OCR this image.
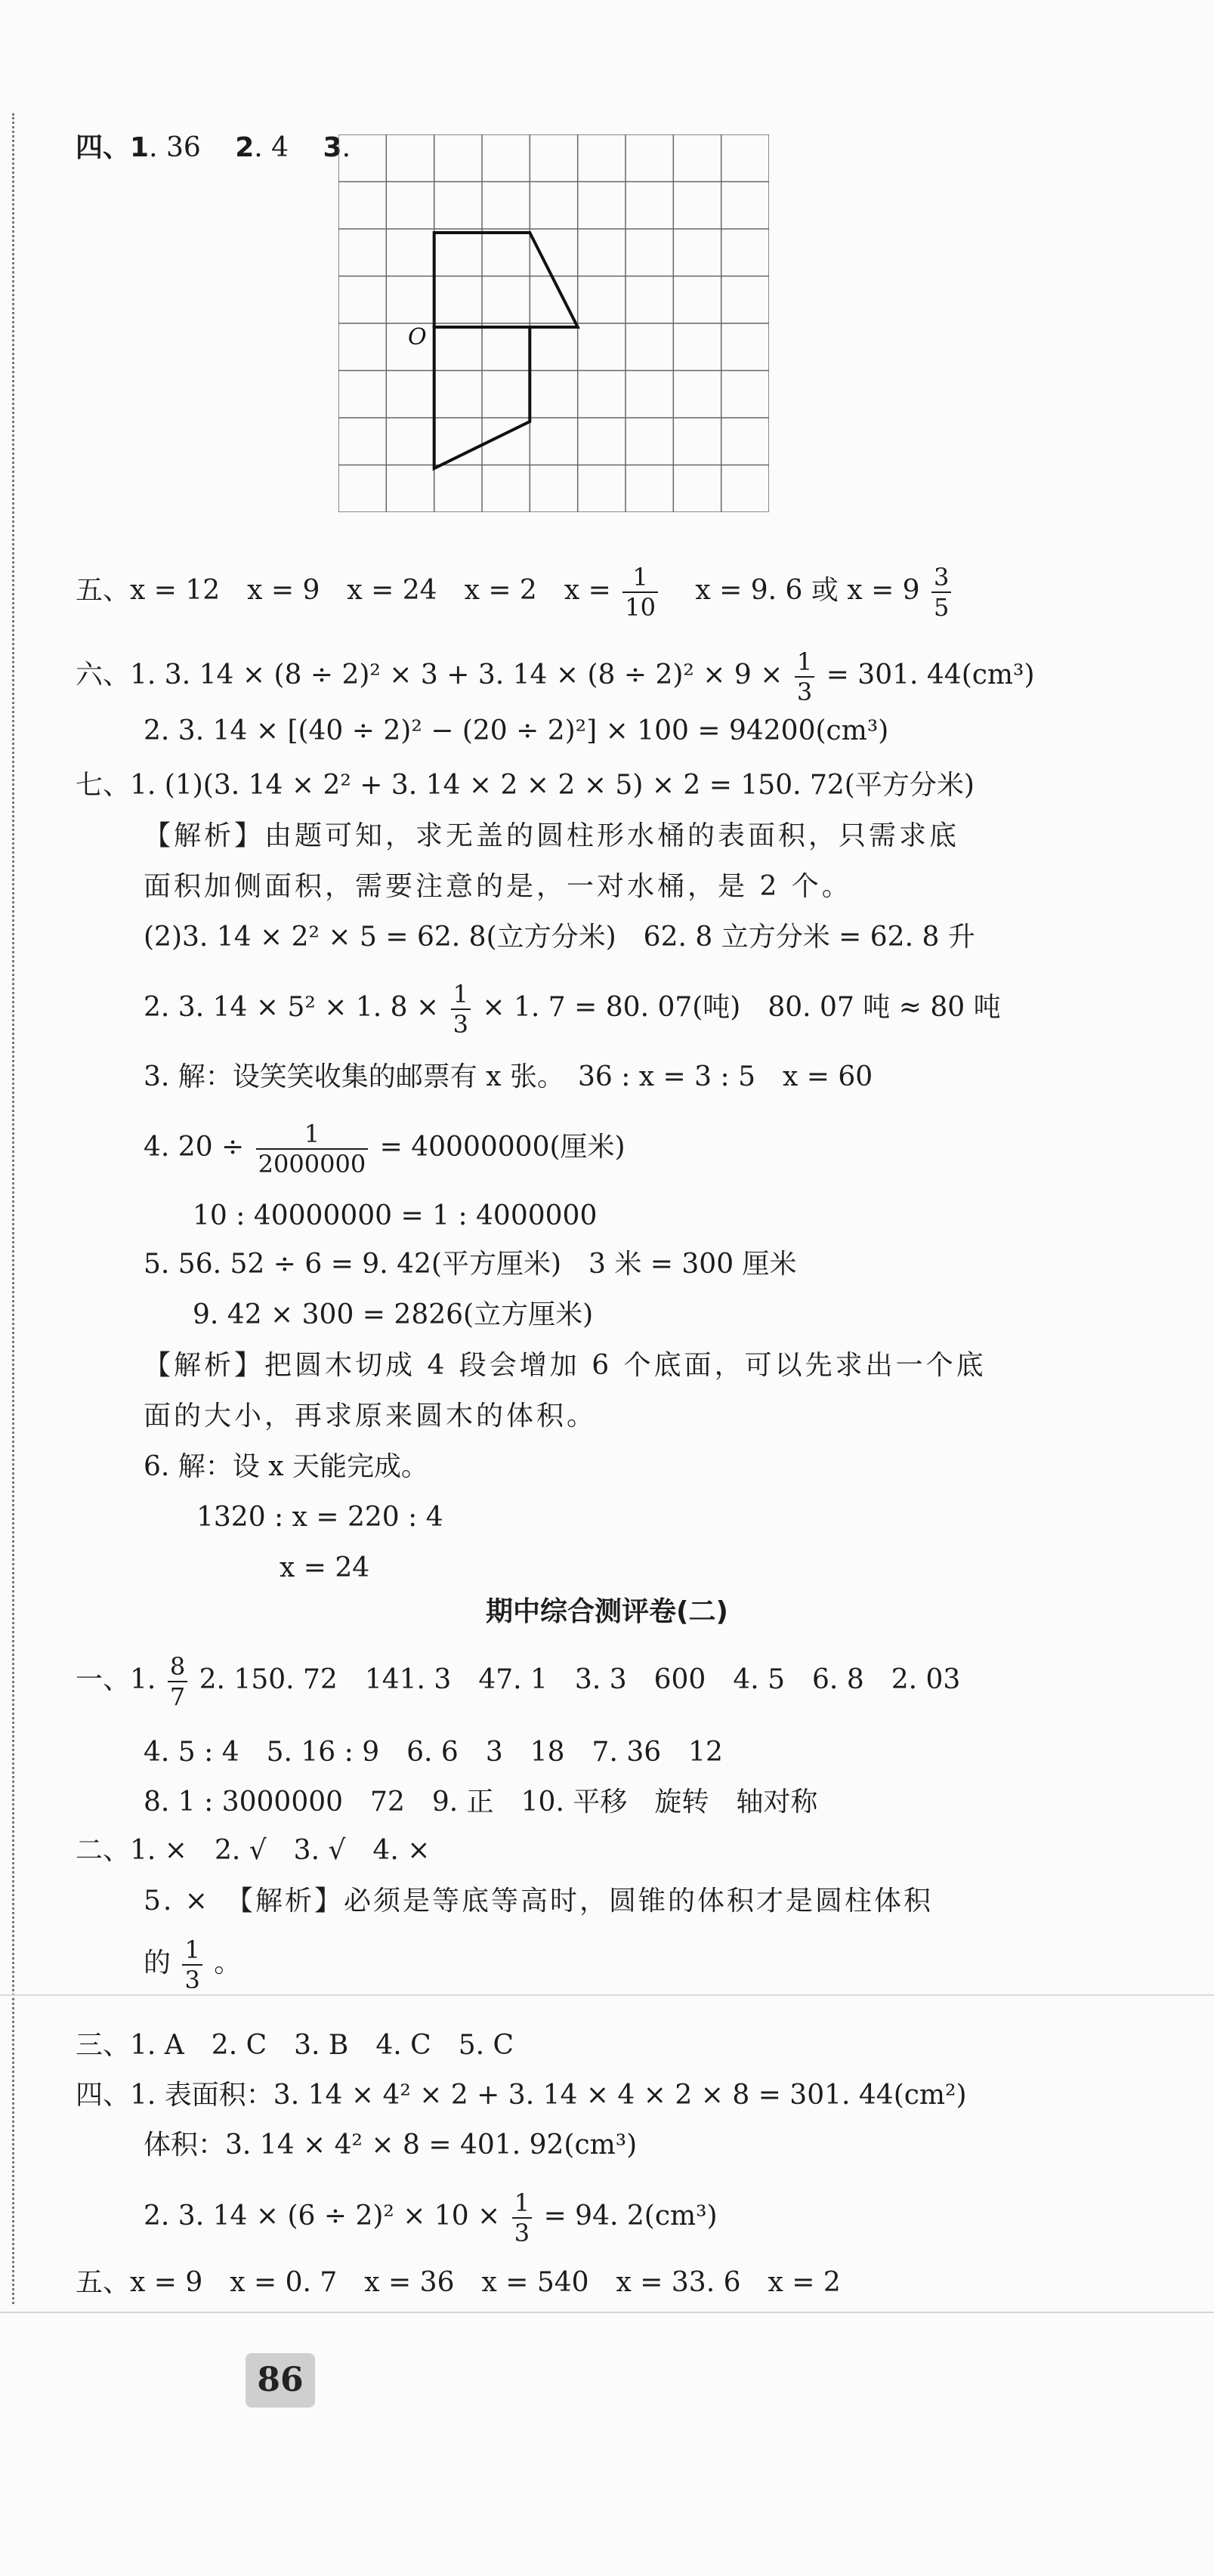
四、1. 36 2. 4 3.
O
五、x = 12　x = 9　x = 24　x = 2　$x = \frac{1}{10}$ x = 9. 6 或 $x = 9 \frac{3}{5}$
六、1. 3. 14 × (8 ÷ 2)² × 3 + 3. $14 \times (8 \div 2)^2 \times 9 \times \frac{1}{3} = 301$. 44(cm³)
2. 3. 14 × [(40 ÷ 2)² − (20 ÷ 2)²] × 100 = 94200(cm³)
七、1. (1)(3. 14 × 2² + 3. 14 × 2 × 2 × 5) × 2 = 150. 72(平方分米)
【解析】由题可知，求无盖的圆柱形水桶的表面积，只需求底
面积加侧面积，需要注意的是，一对水桶，是 2 个。
(2)3. 14 × 2² × 5 = 62. 8(立方分米)　62. 8 立方分米 = 62. 8 升
2. 3. 14 × 5² × 1. $8 \times \frac{1}{3} \times 1$. 7 = 80. 07(吨)　80. 07 吨 ≈ 80 吨
3. 解：设笑笑收集的邮票有 x 张。　36 : x = 3 : 5　x = 60
4. $20 \div \frac{1}{2000000} = 40000000$(厘米)
10 : 40000000 = 1 : 4000000
5. 56. 52 ÷ 6 = 9. 42(平方厘米)　3 米 = 300 厘米
9. 42 × 300 = 2826(立方厘米)
【解析】把圆木切成 4 段会增加 6 个底面，可以先求出一个底
面的大小，再求原来圆木的体积。
6. 解：设 x 天能完成。
1320 : x = 220 : 4
x = 24
期中综合测评卷(二)
一、1. $\frac{8}{7} 2$. 150. 72　141. 3　47. 1　3. 3　600　4. 5　6. 8　2. 03
4. 5 : 4　5. 16 : 9　6. 6　3　18　7. 36　12
8. 1 : 3000000　72　9. 正　10. 平移　旋转　轴对称
二、1. ×　2. √　3. √　4. ×
5. ×　【解析】必须是等底等高时，圆锥的体积才是圆柱体积
的 $\frac{1}{3}$ 。
三、1. A　2. C　3. B　4. C　5. C
四、1. 表面积：3. 14 × 4² × 2 + 3. 14 × 4 × 2 × 8 = 301. 44(cm²)
体积：3. 14 × 4² × 8 = 401. 92(cm³)
2. 3. $14 \times (6 \div 2)^2 \times 10 \times \frac{1}{3} = 94$. 2(cm³)
五、x = 9　x = 0. 7　x = 36　x = 540　x = 33. 6　x = 2
86
